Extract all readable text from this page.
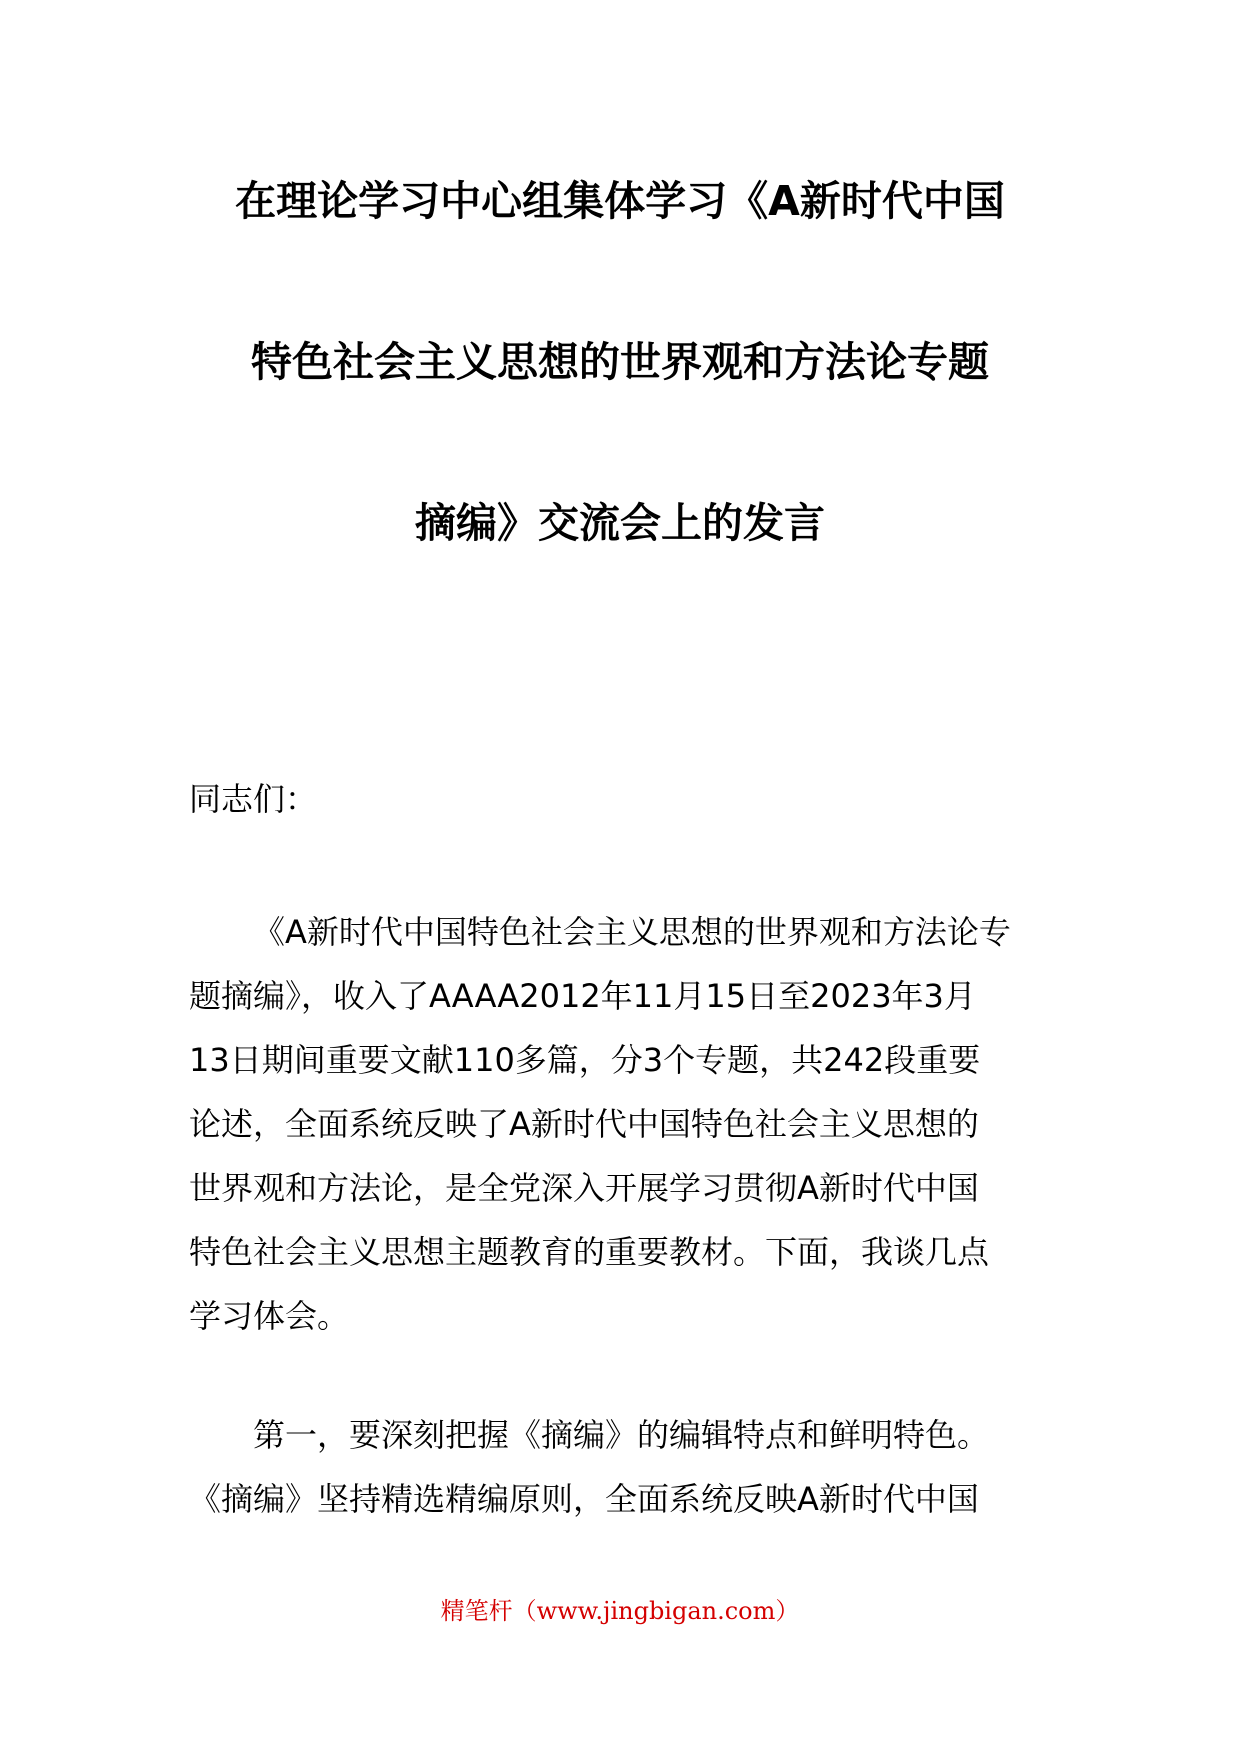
在理论学习中心组集体学习《A新时代中国
特色社会主义思想的世界观和方法论专题
摘编》交流会上的发言

同志们：

《A新时代中国特色社会主义思想的世界观和方法论专
题摘编》，收入了AAAA2012年11月15日至2023年3月
13日期间重要文献110多篇，分3个专题，共242段重要
论述，全面系统反映了A新时代中国特色社会主义思想的
世界观和方法论，是全党深入开展学习贯彻A新时代中国
特色社会主义思想主题教育的重要教材。下面，我谈几点
学习体会。
第一，要深刻把握《摘编》的编辑特点和鲜明特色。
《摘编》坚持精选精编原则，全面系统反映A新时代中国
精笔杆（www.jingbigan.com）
